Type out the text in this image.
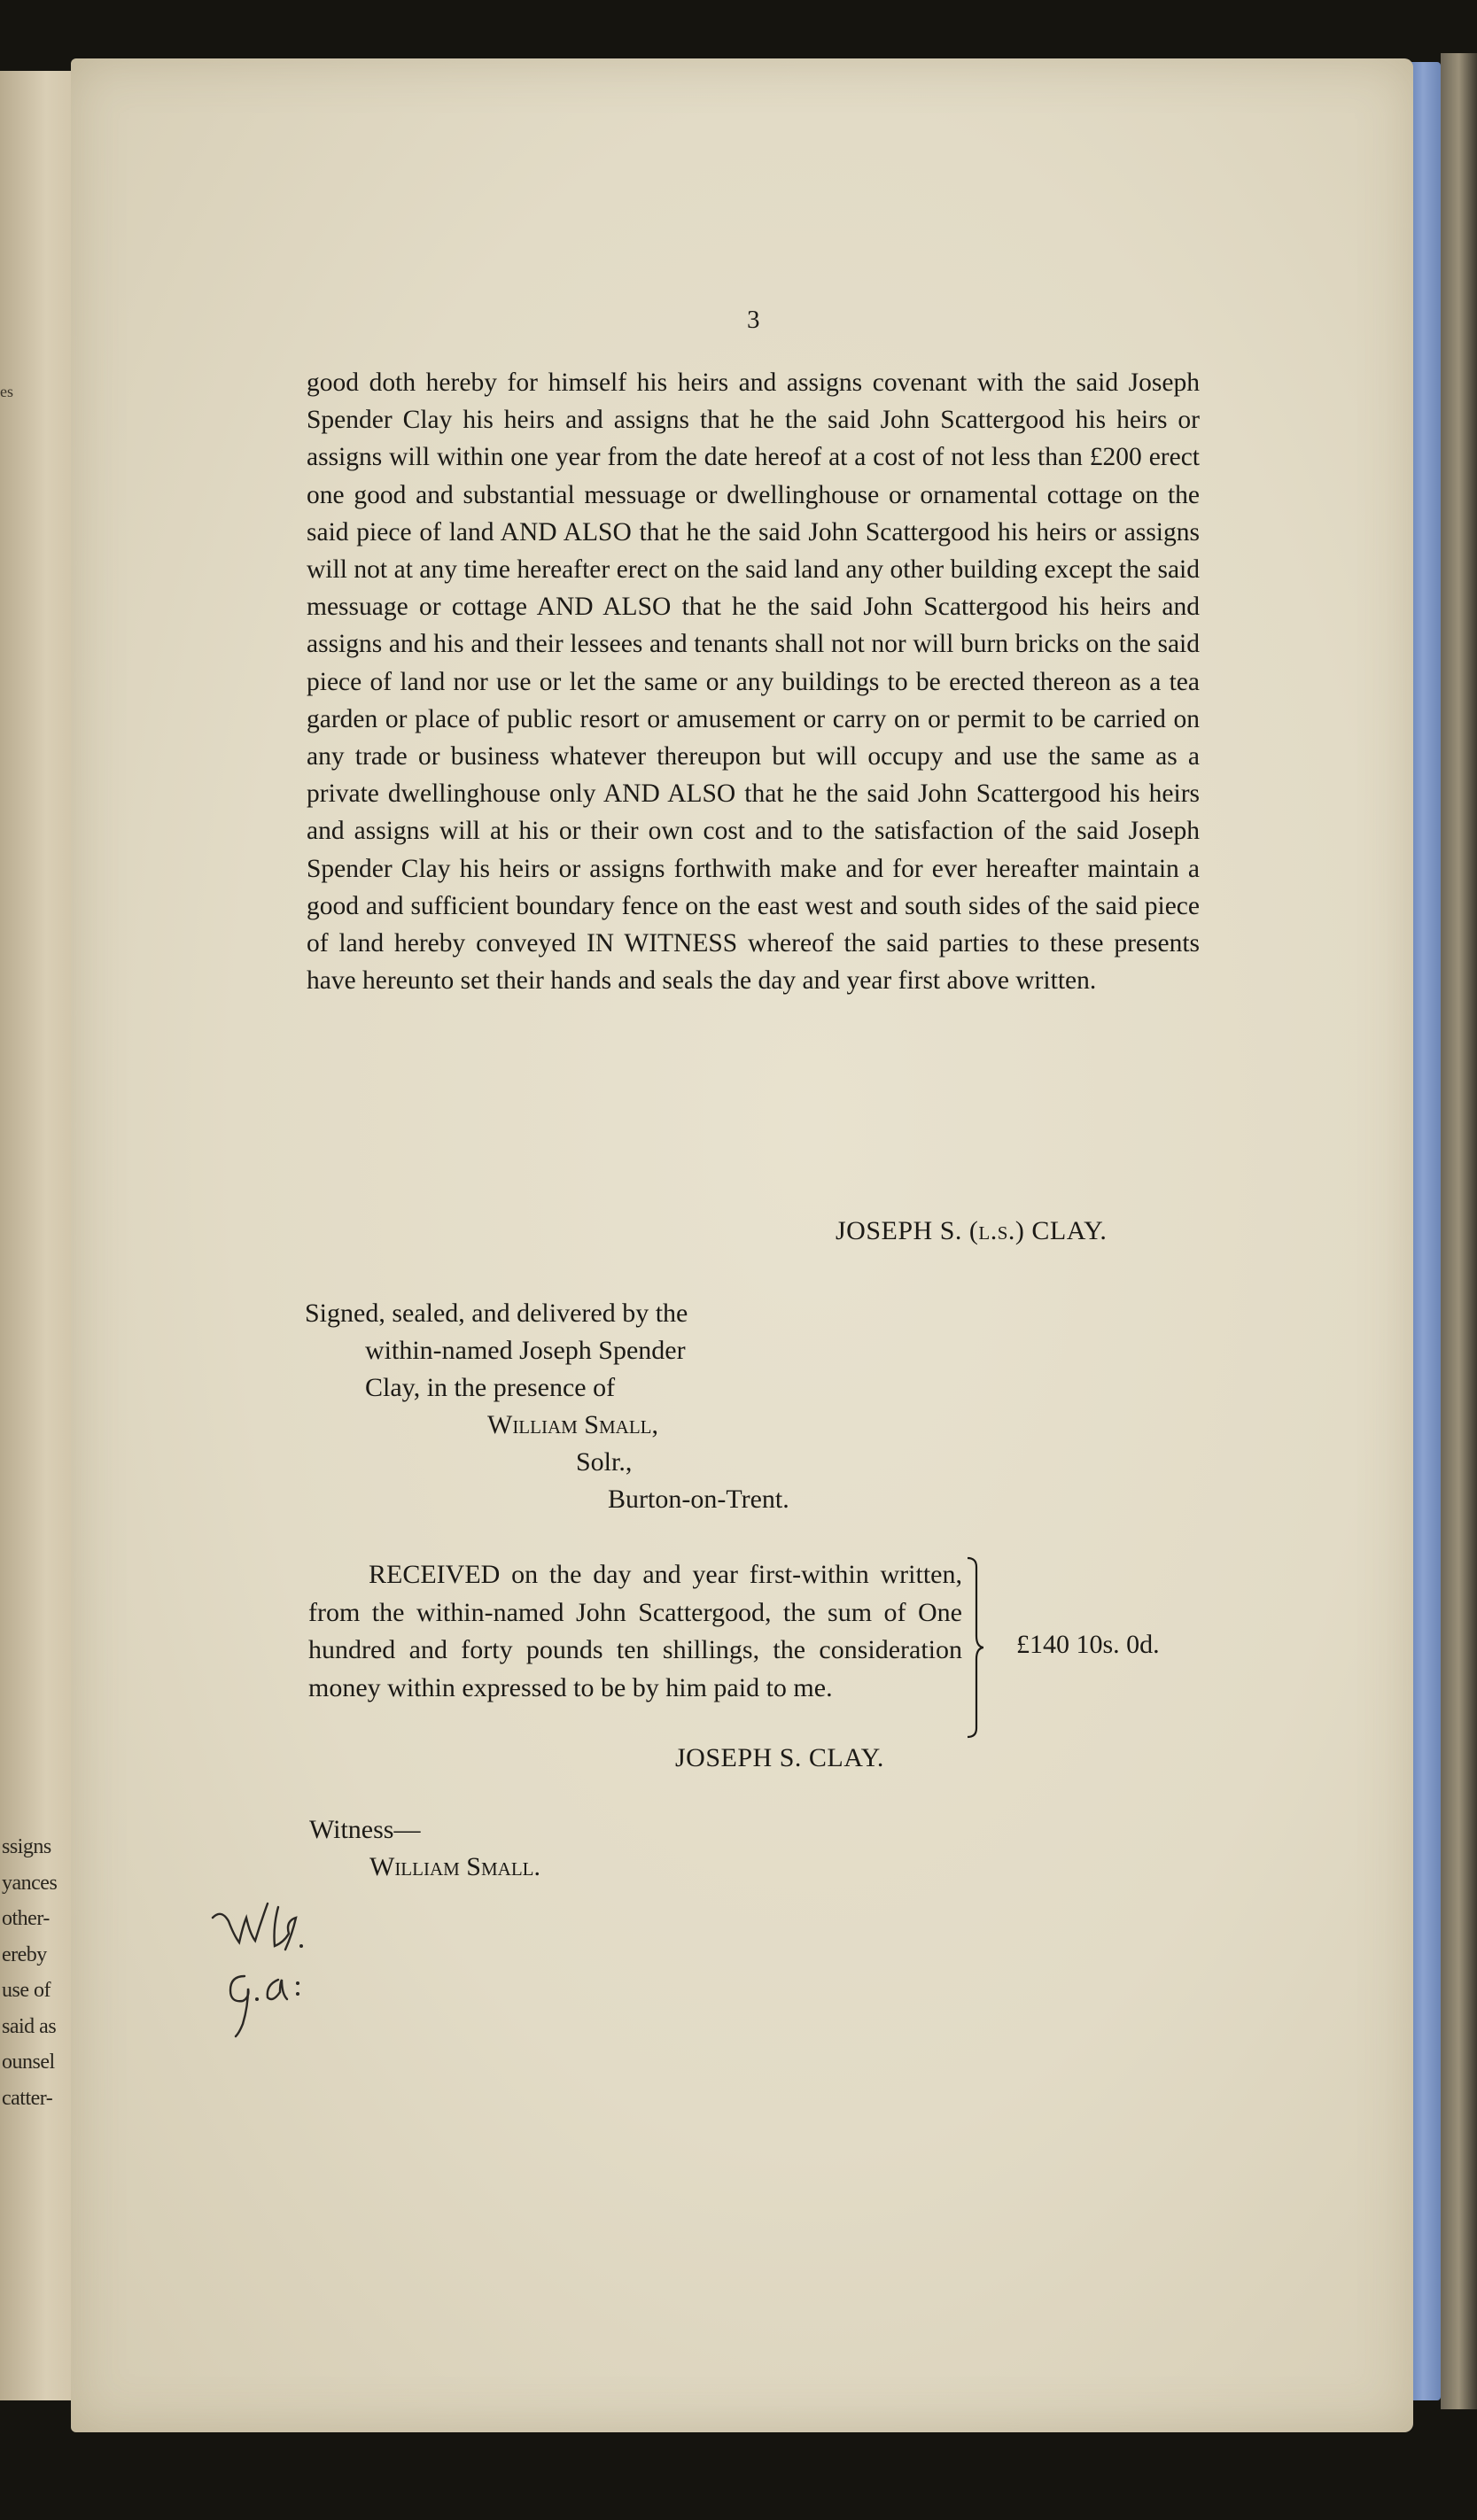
es
ssigns
yances
other-
ereby
use of
said as
ounsel
catter-
3
good doth hereby for himself his heirs and assigns covenant with the said Joseph Spender Clay his heirs and assigns that he the said John Scattergood his heirs or assigns will within one year from the date hereof at a cost of not less than £200 erect one good and substantial messuage or dwellinghouse or ornamental cottage on the said piece of land AND ALSO that he the said John Scattergood his heirs or assigns will not at any time hereafter erect on the said land any other building except the said messuage or cottage AND ALSO that he the said John Scattergood his heirs and assigns and his and their lessees and tenants shall not nor will burn bricks on the said piece of land nor use or let the same or any buildings to be erected thereon as a tea garden or place of public resort or amusement or carry on or permit to be carried on any trade or business whatever thereupon but will occupy and use the same as a private dwellinghouse only AND ALSO that he the said John Scattergood his heirs and assigns will at his or their own cost and to the satisfaction of the said Joseph Spender Clay his heirs or assigns forthwith make and for ever hereafter maintain a good and sufficient boundary fence on the east west and south sides of the said piece of land hereby conveyed IN WITNESS whereof the said parties to these presents have hereunto set their hands and seals the day and year first above written.
JOSEPH S. (l.s.) CLAY.
Signed, sealed, and delivered by the
within-named Joseph Spender
Clay, in the presence of
William Small,
Solr.,
Burton-on-Trent.
RECEIVED on the day and year first-within written, from the within-named John Scattergood, the sum of One hundred and forty pounds ten shillings, the consideration money within expressed to be by him paid to me.
£140 10s. 0d.
JOSEPH S. CLAY.
Witness—
William Small.
